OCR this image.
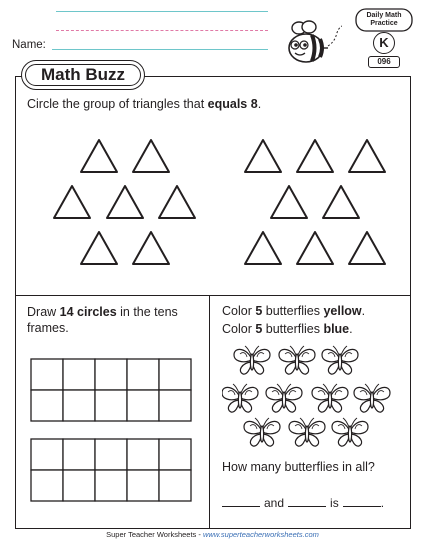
Name:
Daily Math
Practice
K
096
Math Buzz
Circle the group of triangles that equals 8.
Draw 14 circles in the tens frames.
Color 5 butterflies yellow.
Color 5 butterflies blue.
How many butterflies in all?
and	is	.
Super Teacher Worksheets - www.superteacherworksheets.com
